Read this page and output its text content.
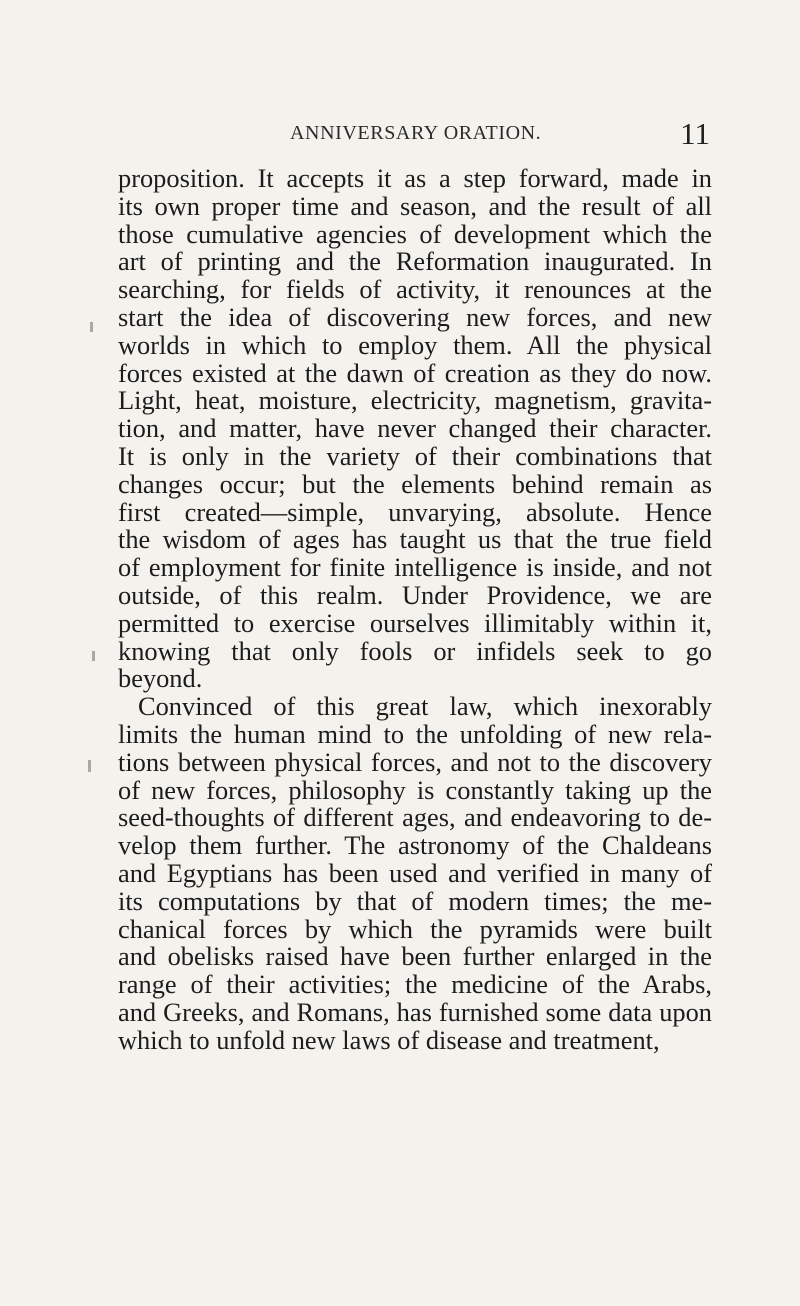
ANNIVERSARY ORATION.	11
proposition. It accepts it as a step forward, made in
its own proper time and season, and the result of all
those cumulative agencies of development which the
art of printing and the Reformation inaugurated. In
searching, for fields of activity, it renounces at the
start the idea of discovering new forces, and new
worlds in which to employ them. All the physical
forces existed at the dawn of creation as they do now.
Light, heat, moisture, electricity, magnetism, gravita-
tion, and matter, have never changed their character.
It is only in the variety of their combinations that
changes occur; but the elements behind remain as
first created—simple, unvarying, absolute. Hence
the wisdom of ages has taught us that the true field
of employment for finite intelligence is inside, and not
outside, of this realm. Under Providence, we are
permitted to exercise ourselves illimitably within it,
knowing that only fools or infidels seek to go
beyond.
Convinced of this great law, which inexorably
limits the human mind to the unfolding of new rela-
tions between physical forces, and not to the discovery
of new forces, philosophy is constantly taking up the
seed-thoughts of different ages, and endeavoring to de-
velop them further. The astronomy of the Chaldeans
and Egyptians has been used and verified in many of
its computations by that of modern times; the me-
chanical forces by which the pyramids were built
and obelisks raised have been further enlarged in the
range of their activities; the medicine of the Arabs,
and Greeks, and Romans, has furnished some data upon
which to unfold new laws of disease and treatment,
